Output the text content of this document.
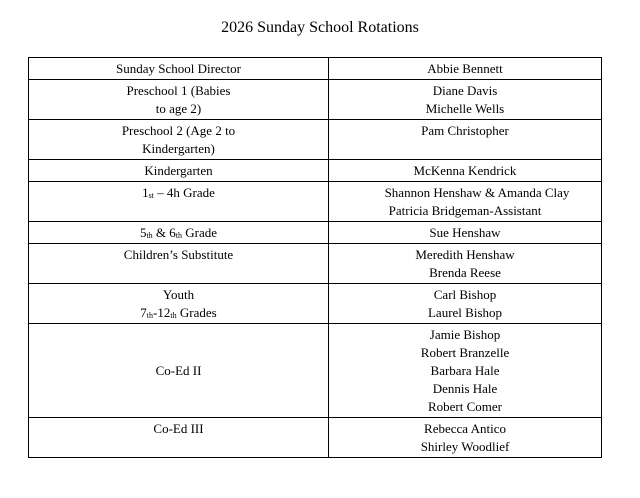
2026 Sunday School Rotations
Sunday School Director	Abbie Bennett

Preschool 1 (Babies
to age 2)	Diane Davis
Michelle Wells

Preschool 2 (Age 2 to
Kindergarten)	Pam Christopher

Kindergarten	McKenna Kendrick

$1_{st} - 4h$ Grade	Shannon Henshaw & Amanda Clay
Patricia Bridgeman-Assistant

$5_{th}$ & $6_{th}$ Grade	Sue Henshaw

Children’s Substitute	Meredith Henshaw
Brenda Reese

Youth
$7_{th}-12_{th}$ Grades	Carl Bishop
Laurel Bishop

Co-Ed II	Jamie Bishop
Robert Branzelle
Barbara Hale
Dennis Hale
Robert Comer

Co-Ed III	Rebecca Antico
Shirley Woodlief
